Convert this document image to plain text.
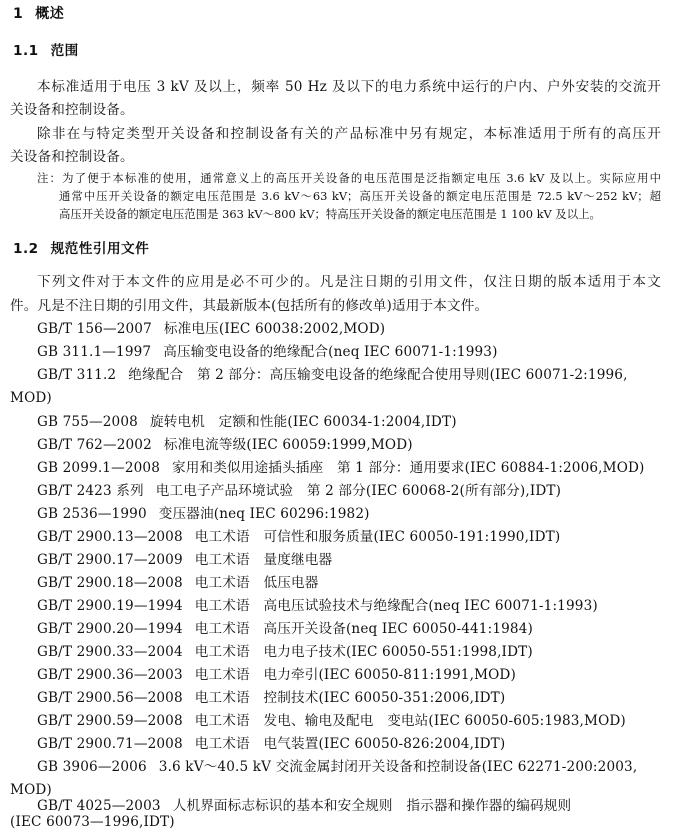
1 概述
1.1 范围
本标准适用于电压 3 kV 及以上，频率 50 Hz 及以下的电力系统中运行的户内、户外安装的交流开
关设备和控制设备。
除非在与特定类型开关设备和控制设备有关的产品标准中另有规定，本标准适用于所有的高压开
关设备和控制设备。
注：为了便于本标准的使用，通常意义上的高压开关设备的电压范围是泛指额定电压 3.6 kV 及以上。实际应用中
通常中压开关设备的额定电压范围是 3.6 kV～63 kV；高压开关设备的额定电压范围是 72.5 kV～252 kV；超
高压开关设备的额定电压范围是 363 kV～800 kV；特高压开关设备的额定电压范围是 1 100 kV 及以上。
1.2 规范性引用文件
下列文件对于本文件的应用是必不可少的。凡是注日期的引用文件，仅注日期的版本适用于本文
件。凡是不注日期的引用文件，其最新版本(包括所有的修改单)适用于本文件。
GB/T 156—2007 标准电压(IEC 60038:2002,MOD)
GB 311.1—1997 高压输变电设备的绝缘配合(neq IEC 60071-1:1993)
GB/T 311.2 绝缘配合　第 2 部分：高压输变电设备的绝缘配合使用导则(IEC 60071-2:1996,
MOD)
GB 755—2008 旋转电机　定额和性能(IEC 60034-1:2004,IDT)
GB/T 762—2002 标准电流等级(IEC 60059:1999,MOD)
GB 2099.1—2008 家用和类似用途插头插座　第 1 部分：通用要求(IEC 60884-1:2006,MOD)
GB/T 2423 系列 电工电子产品环境试验　第 2 部分(IEC 60068-2(所有部分),IDT)
GB 2536—1990 变压器油(neq IEC 60296:1982)
GB/T 2900.13—2008 电工术语　可信性和服务质量(IEC 60050-191:1990,IDT)
GB/T 2900.17—2009 电工术语　量度继电器
GB/T 2900.18—2008 电工术语　低压电器
GB/T 2900.19—1994 电工术语　高电压试验技术与绝缘配合(neq IEC 60071-1:1993)
GB/T 2900.20—1994 电工术语　高压开关设备(neq IEC 60050-441:1984)
GB/T 2900.33—2004 电工术语　电力电子技术(IEC 60050-551:1998,IDT)
GB/T 2900.36—2003 电工术语　电力牵引(IEC 60050-811:1991,MOD)
GB/T 2900.56—2008 电工术语　控制技术(IEC 60050-351:2006,IDT)
GB/T 2900.59—2008 电工术语　发电、输电及配电　变电站(IEC 60050-605:1983,MOD)
GB/T 2900.71—2008 电工术语　电气装置(IEC 60050-826:2004,IDT)
GB 3906—2006 3.6 kV～40.5 kV 交流金属封闭开关设备和控制设备(IEC 62271-200:2003,
MOD)
GB/T 4025—2003 人机界面标志标识的基本和安全规则　指示器和操作器的编码规则
(IEC 60073—1996,IDT)
